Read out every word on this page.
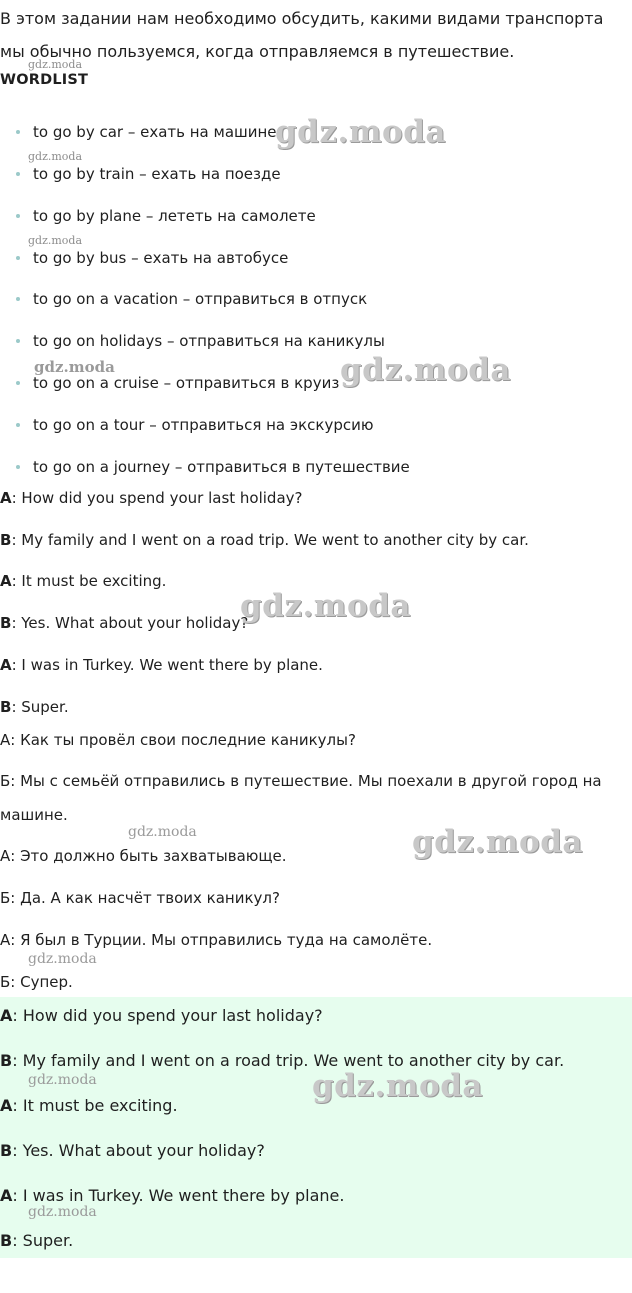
В этом задании нам необходимо обсудить, какими видами транспорта мы обычно пользуемся, когда отправляемся в путешествие.
WORDLIST
to go by car – ехать на машине
to go by train – ехать на поезде
to go by plane – лететь на самолете
to go by bus – ехать на автобусе
to go on a vacation – отправиться в отпуск
to go on holidays – отправиться на каникулы
to go on a cruise – отправиться в круиз
to go on a tour – отправиться на экскурсию
to go on a journey – отправиться в путешествие
A: How did you spend your last holiday?
B: My family and I went on a road trip. We went to another city by car.
A: It must be exciting.
B: Yes. What about your holiday?
A: I was in Turkey. We went there by plane.
B: Super.
А: Как ты провёл свои последние каникулы?
Б: Мы с семьёй отправились в путешествие. Мы поехали в другой город на машине.
А: Это должно быть захватывающе.
Б: Да. А как насчёт твоих каникул?
А: Я был в Турции. Мы отправились туда на самолёте.
Б: Супер.
A: How did you spend your last holiday?
B: My family and I went on a road trip. We went to another city by car.
A: It must be exciting.
B: Yes. What about your holiday?
A: I was in Turkey. We went there by plane.
B: Super.
gdz.moda
gdz.moda
gdz.moda
gdz.moda
gdz.moda	gdz.moda
gdz.moda
gdz.moda	gdz.moda
gdz.moda
gdz.moda	gdz.moda
gdz.moda
